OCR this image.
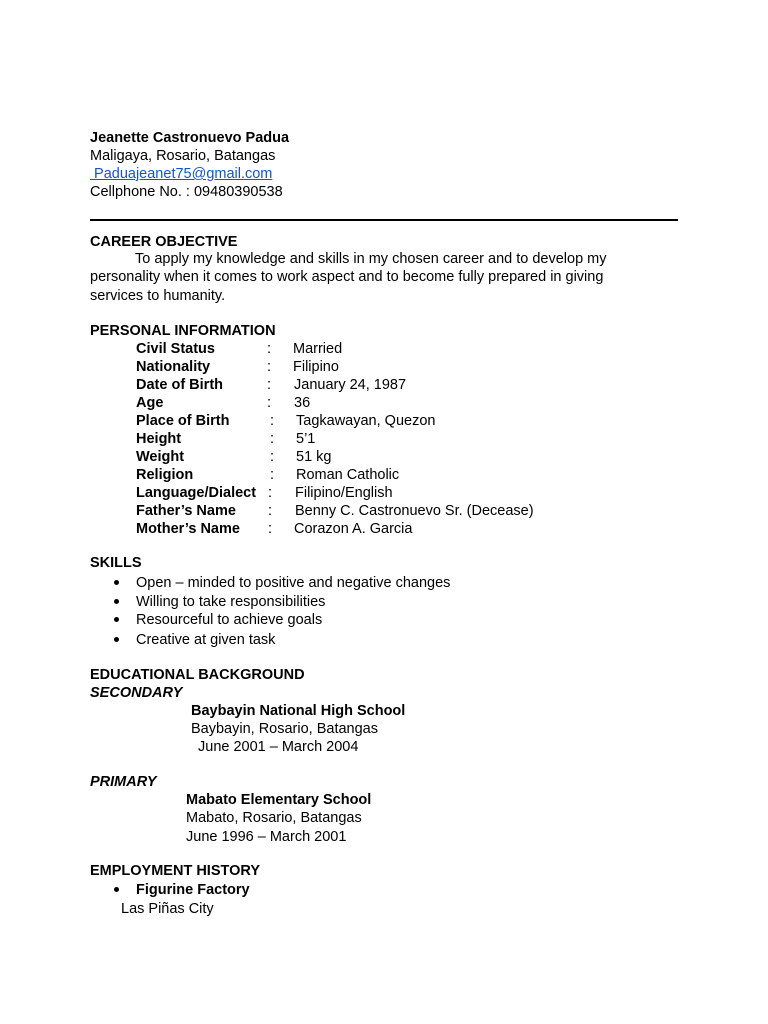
Jeanette Castronuevo Padua
Maligaya, Rosario, Batangas
Paduajeanet75@gmail.com
Cellphone No. : 09480390538
CAREER OBJECTIVE
To apply my knowledge and skills in my chosen career and to develop my personality when it comes to work aspect and to become fully prepared in giving services to humanity.
PERSONAL INFORMATION
Civil Status	: Married
Nationality	: Filipino
Date of Birth	: January 24, 1987
Age	: 36
Place of Birth	: Tagkawayan, Quezon
Height	: 5’1
Weight	: 51 kg
Religion	: Roman Catholic
Language/Dialect : Filipino/English
Father’s Name : Benny C. Castronuevo Sr. (Decease)
Mother’s Name : Corazon A. Garcia
SKILLS
Open – minded to positive and negative changes
Willing to take responsibilities
Resourceful to achieve goals
Creative at given task
EDUCATIONAL BACKGROUND
SECONDARY
Baybayin National High School
Baybayin, Rosario, Batangas
June 2001 – March 2004
PRIMARY
Mabato Elementary School
Mabato, Rosario, Batangas
June 1996 – March 2001
EMPLOYMENT HISTORY
Figurine Factory
Las Piñas City
